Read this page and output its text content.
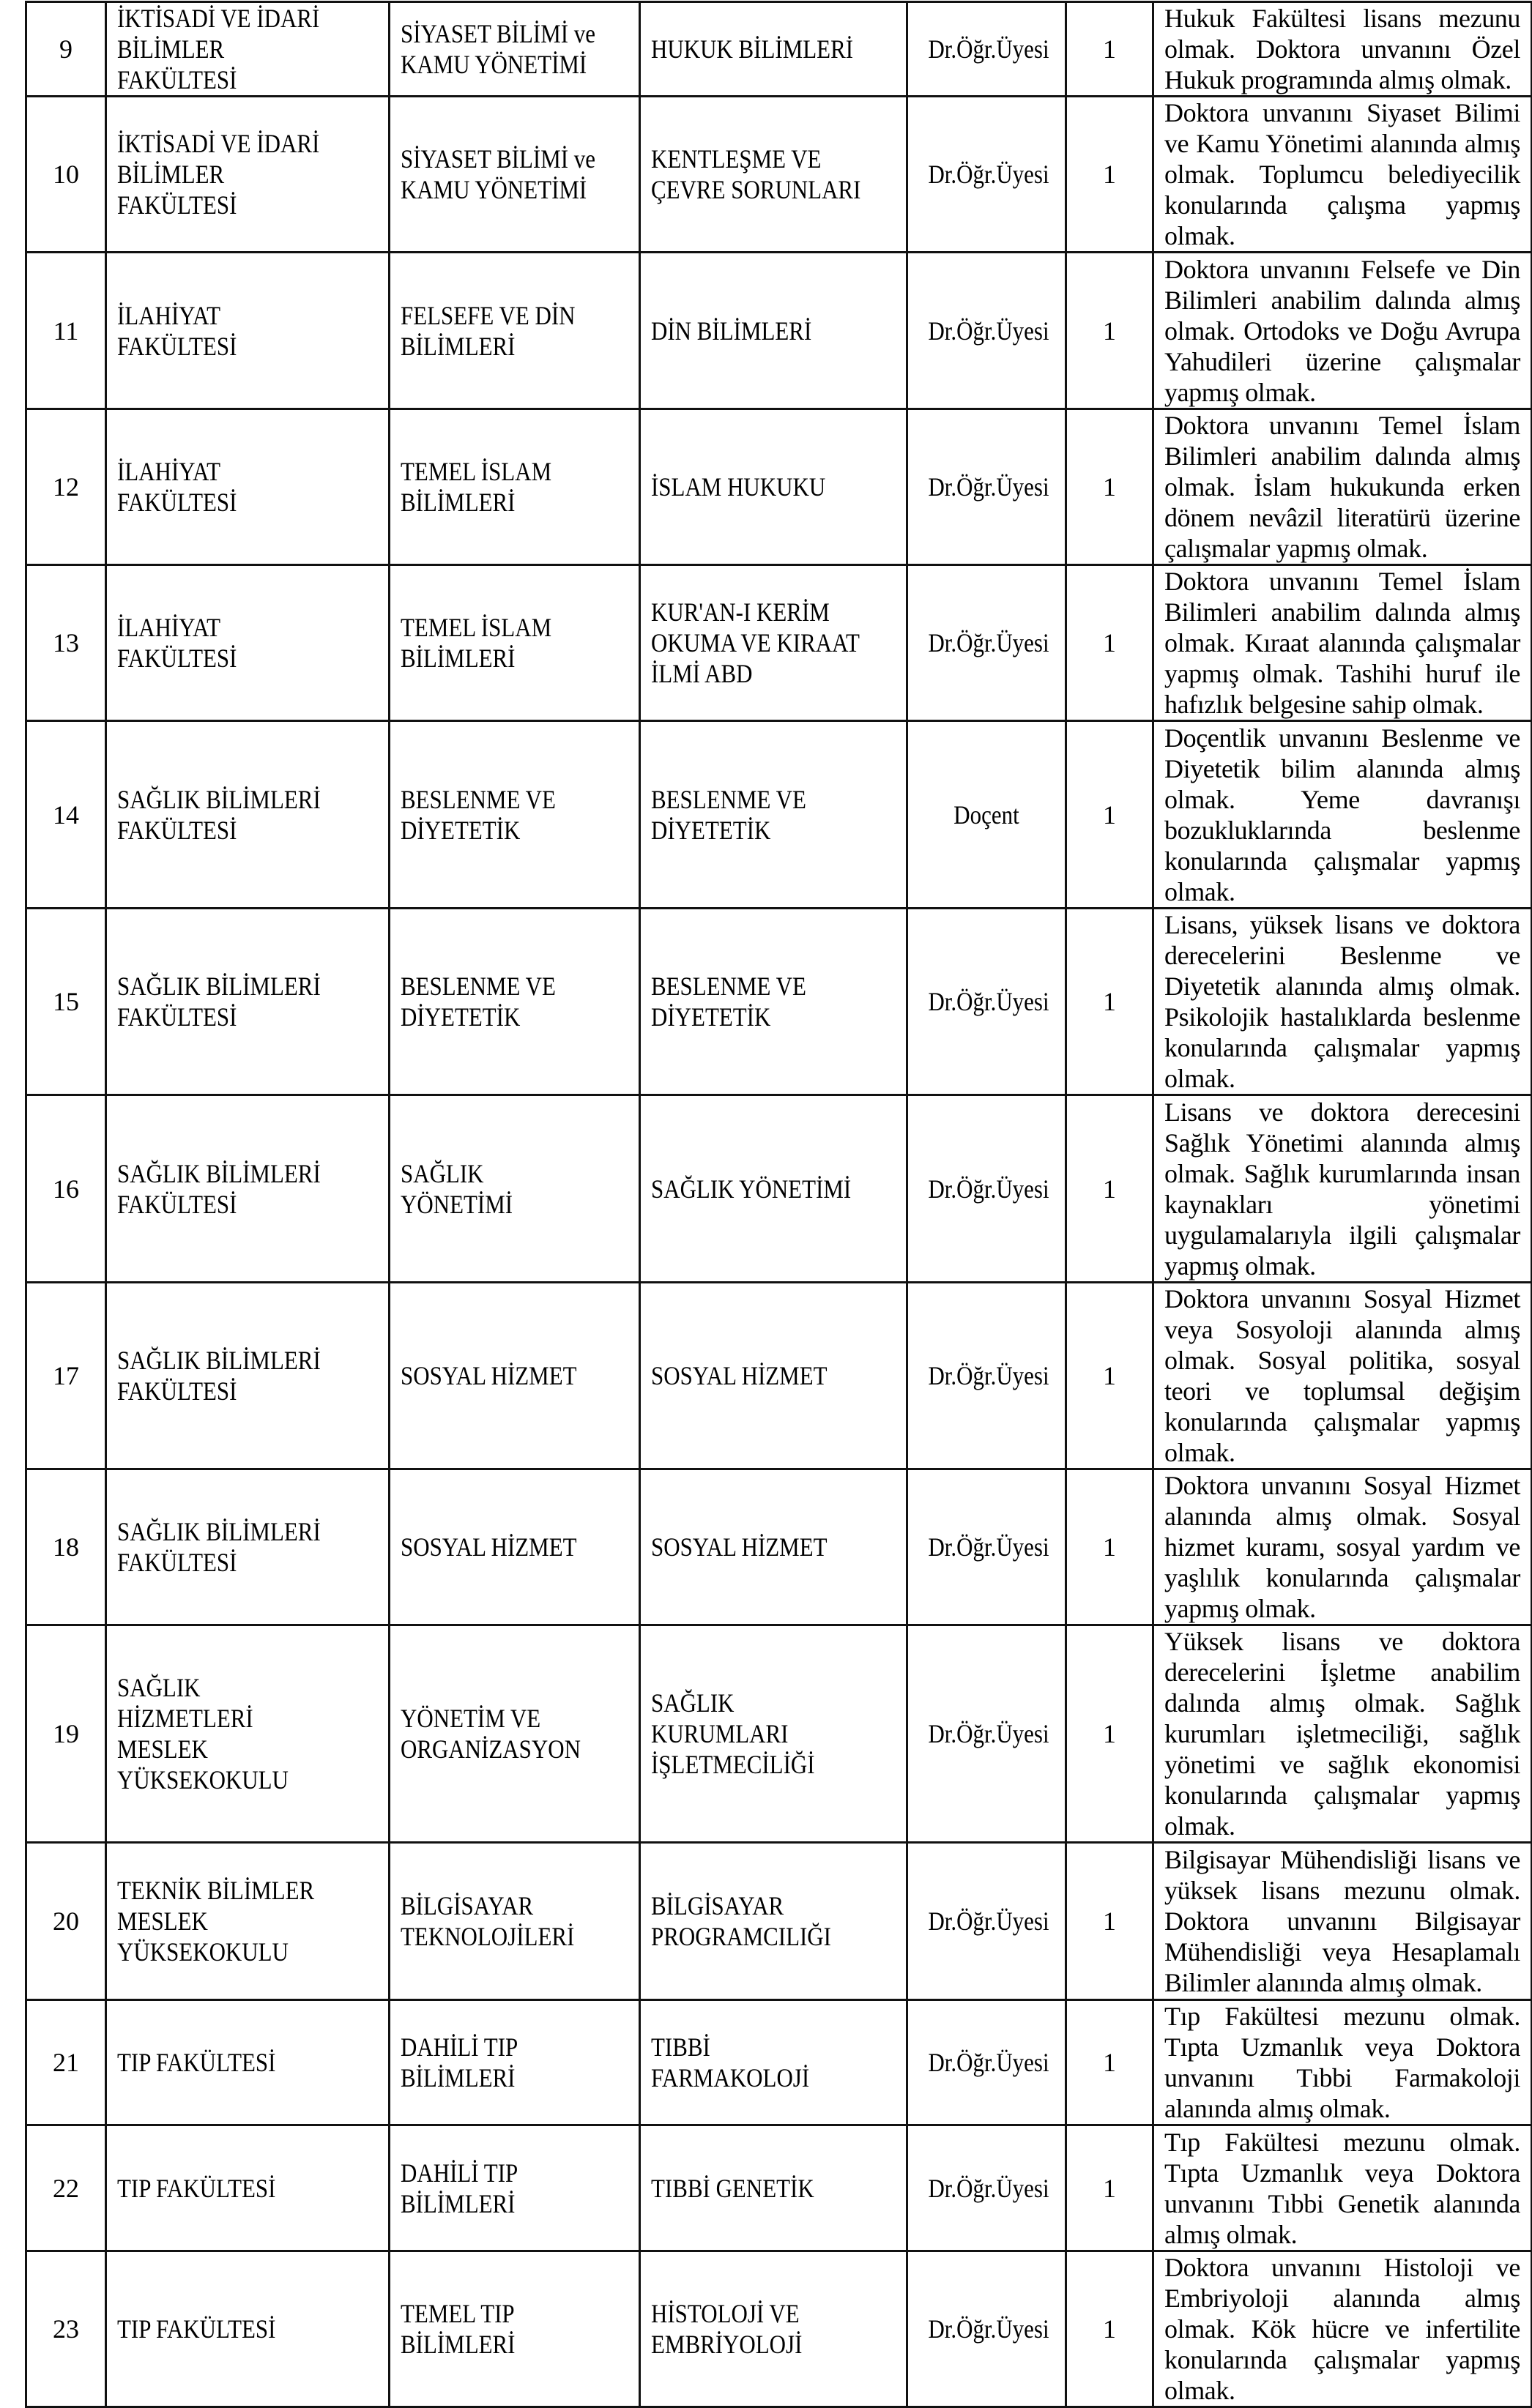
9	İKTİSADİ VE İDARİ BİLİMLER FAKÜLTESİ	SİYASET BİLİMİ ve KAMU YÖNETİMİ	HUKUK BİLİMLERİ	Dr.Öğr.Üyesi	1	Hukuk Fakültesi lisans mezunu olmak. Doktora unvanını Özel Hukuk programında almış olmak.

10	İKTİSADİ VE İDARİ BİLİMLER FAKÜLTESİ	SİYASET BİLİMİ ve KAMU YÖNETİMİ	KENTLEŞME VE ÇEVRE SORUNLARI	Dr.Öğr.Üyesi	1	Doktora unvanını Siyaset Bilimi ve Kamu Yönetimi alanında almış olmak. Toplumcu belediyecilik konularında çalışma yapmış olmak.

11	İLAHİYAT FAKÜLTESİ	FELSEFE VE DİN BİLİMLERİ	DİN BİLİMLERİ	Dr.Öğr.Üyesi	1	Doktora unvanını Felsefe ve Din Bilimleri anabilim dalında almış olmak. Ortodoks ve Doğu Avrupa Yahudileri üzerine çalışmalar yapmış olmak.

12	İLAHİYAT FAKÜLTESİ	TEMEL İSLAM BİLİMLERİ	İSLAM HUKUKU	Dr.Öğr.Üyesi	1	Doktora unvanını Temel İslam Bilimleri anabilim dalında almış olmak. İslam hukukunda erken dönem nevâzil literatürü üzerine çalışmalar yapmış olmak.

13	İLAHİYAT FAKÜLTESİ	TEMEL İSLAM BİLİMLERİ	KUR'AN-I KERİM OKUMA VE KIRAAT İLMİ ABD	Dr.Öğr.Üyesi	1	Doktora unvanını Temel İslam Bilimleri anabilim dalında almış olmak. Kıraat alanında çalışmalar yapmış olmak. Tashihi huruf ile hafızlık belgesine sahip olmak.

14	SAĞLIK BİLİMLERİ FAKÜLTESİ	BESLENME VE DİYETETİK	BESLENME VE DİYETETİK	Doçent	1	Doçentlik unvanını Beslenme ve Diyetetik bilim alanında almış olmak. Yeme davranışı bozukluklarında beslenme konularında çalışmalar yapmış olmak.

15	SAĞLIK BİLİMLERİ FAKÜLTESİ	BESLENME VE DİYETETİK	BESLENME VE DİYETETİK	Dr.Öğr.Üyesi	1	Lisans, yüksek lisans ve doktora derecelerini Beslenme ve Diyetetik alanında almış olmak. Psikolojik hastalıklarda beslenme konularında çalışmalar yapmış olmak.

16	SAĞLIK BİLİMLERİ FAKÜLTESİ	SAĞLIK YÖNETİMİ	SAĞLIK YÖNETİMİ	Dr.Öğr.Üyesi	1	Lisans ve doktora derecesini Sağlık Yönetimi alanında almış olmak. Sağlık kurumlarında insan kaynakları yönetimi uygulamalarıyla ilgili çalışmalar yapmış olmak.

17	SAĞLIK BİLİMLERİ FAKÜLTESİ	SOSYAL HİZMET	SOSYAL HİZMET	Dr.Öğr.Üyesi	1	Doktora unvanını Sosyal Hizmet veya Sosyoloji alanında almış olmak. Sosyal politika, sosyal teori ve toplumsal değişim konularında çalışmalar yapmış olmak.

18	SAĞLIK BİLİMLERİ FAKÜLTESİ	SOSYAL HİZMET	SOSYAL HİZMET	Dr.Öğr.Üyesi	1	Doktora unvanını Sosyal Hizmet alanında almış olmak. Sosyal hizmet kuramı, sosyal yardım ve yaşlılık konularında çalışmalar yapmış olmak.

19	SAĞLIK HİZMETLERİ MESLEK YÜKSEKOKULU	YÖNETİM VE ORGANİZASYON	SAĞLIK KURUMLARI İŞLETMECİLİĞİ	Dr.Öğr.Üyesi	1	Yüksek lisans ve doktora derecelerini İşletme anabilim dalında almış olmak. Sağlık kurumları işletmeciliği, sağlık yönetimi ve sağlık ekonomisi konularında çalışmalar yapmış olmak.

20	TEKNİK BİLİMLER MESLEK YÜKSEKOKULU	BİLGİSAYAR TEKNOLOJİLERİ	BİLGİSAYAR PROGRAMCILIĞI	Dr.Öğr.Üyesi	1	Bilgisayar Mühendisliği lisans ve yüksek lisans mezunu olmak. Doktora unvanını Bilgisayar Mühendisliği veya Hesaplamalı Bilimler alanında almış olmak.

21	TIP FAKÜLTESİ	DAHİLİ TIP BİLİMLERİ	TIBBİ FARMAKOLOJİ	Dr.Öğr.Üyesi	1	Tıp Fakültesi mezunu olmak. Tıpta Uzmanlık veya Doktora unvanını Tıbbi Farmakoloji alanında almış olmak.

22	TIP FAKÜLTESİ	DAHİLİ TIP BİLİMLERİ	TIBBİ GENETİK	Dr.Öğr.Üyesi	1	Tıp Fakültesi mezunu olmak. Tıpta Uzmanlık veya Doktora unvanını Tıbbi Genetik alanında almış olmak.

23	TIP FAKÜLTESİ	TEMEL TIP BİLİMLERİ	HİSTOLOJİ VE EMBRİYOLOJİ	Dr.Öğr.Üyesi	1	Doktora unvanını Histoloji ve Embriyoloji alanında almış olmak. Kök hücre ve infertilite konularında çalışmalar yapmış olmak.
